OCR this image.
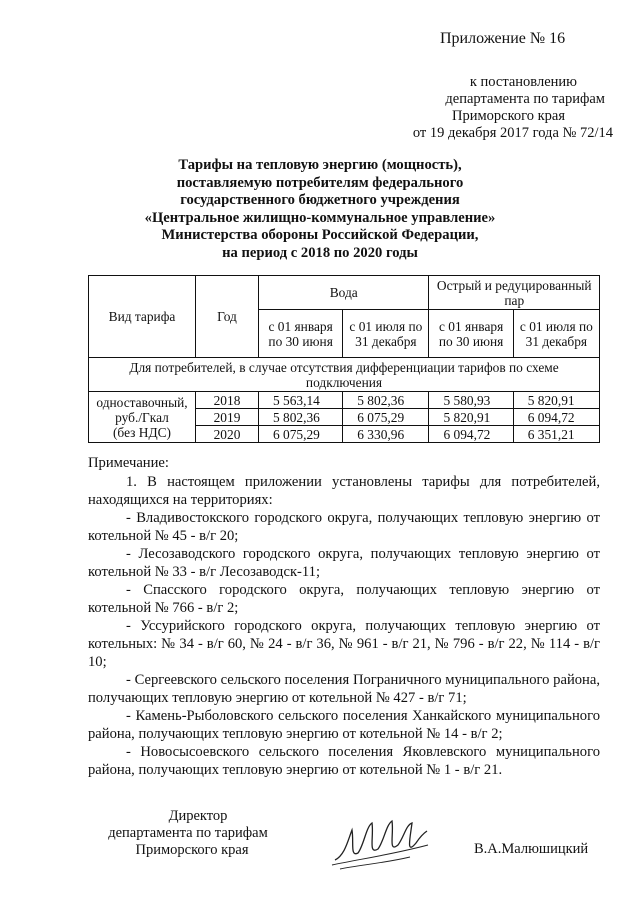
Приложение № 16
к постановлению
департамента по тарифам
Приморского края
от 19 декабря 2017 года № 72/14
Тарифы на тепловую энергию (мощность),
поставляемую потребителям федерального
государственного бюджетного учреждения
«Центральное жилищно-коммунальное управление»
Министерства обороны Российской Федерации,
на период с 2018 по 2020 годы
Вид тарифа	Год	Вода		Острый и редуцированный пар	
		с 01 января по 30 июня	с 01 июля по 31 декабря	с 01 января по 30 июня	с 01 июля по 31 декабря
Для потребителей, в случае отсутствия дифференциации тарифов по схеме подключения					

одноставочный,
руб./Гкал
(без НДС)	2018	5 563,14	5 802,36	5 580,93	5 820,91
	2019	5 802,36	6 075,29	5 820,91	6 094,72
	2020	6 075,29	6 330,96	6 094,72	6 351,21

Примечание:

1. В настоящем приложении установлены тарифы для потребителей, находящихся на территориях:

- Владивостокского городского округа, получающих тепловую энергию от котельной № 45 - в/г 20;

- Лесозаводского городского округа, получающих тепловую энергию от котельной № 33 - в/г Лесозаводск-11;

- Спасского городского округа, получающих тепловую энергию от котельной № 766 - в/г 2;

- Уссурийского городского округа, получающих тепловую энергию от котельных: № 34 - в/г 60, № 24 - в/г 36, № 961 - в/г 21, № 796 - в/г 22, № 114 - в/г 10;

- Сергеевского сельского поселения Пограничного муниципального района, получающих тепловую энергию от котельной № 427 - в/г 71;

- Камень-Рыболовского сельского поселения Ханкайского муниципального района, получающих тепловую энергию от котельной № 14 - в/г 2;

- Новосысоевского сельского поселения Яковлевского муниципального района, получающих тепловую энергию от котельной № 1 - в/г 21.

Директор
департамента по тарифам
Приморского края	В.А.Малюшицкий
